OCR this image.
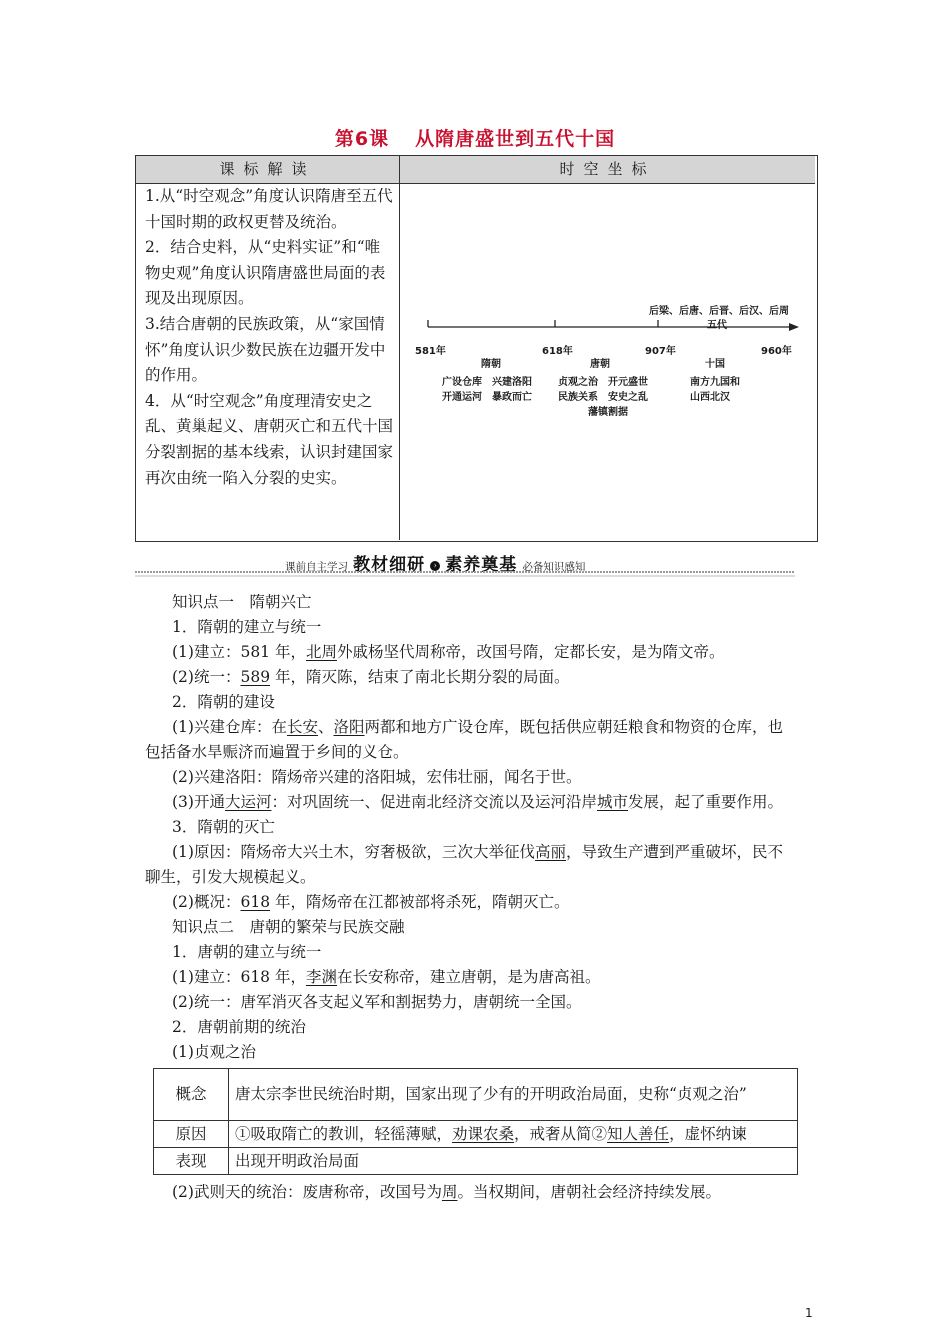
第6课 从隋唐盛世到五代十国
课标解读	时空坐标

1.从“时空观念”角度认识隋唐至五代十国时期的政权更替及统治。

2．结合史料，从“史料实证”和“唯物史观”角度认识隋唐盛世局面的表现及出现原因。

3.结合唐朝的民族政策，从“家国情怀”角度认识少数民族在边疆开发中的作用。

4．从“时空观念”角度理清安史之乱、黄巢起义、唐朝灭亡和五代十国分裂割据的基本线索，认识封建国家再次由统一陷入分裂的史实。

后梁、后唐、后晋、后汉、后周
五代
581年	618年	907年	960年
隋朝
广设仓库　兴建洛阳
开通运河　暴政而亡
唐朝
贞观之治　开元盛世
民族关系　安史之乱
藩镇割据
十国
南方九国和
山西北汉
课前自主学习 教材细研 › 素养奠基 必备知识感知

知识点一　隋朝兴亡

1．隋朝的建立与统一

(1)建立：581 年，北周外戚杨坚代周称帝，改国号隋，定都长安，是为隋文帝。

(2)统一：589 年，隋灭陈，结束了南北长期分裂的局面。

2．隋朝的建设

(1)兴建仓库：在长安、洛阳两都和地方广设仓库，既包括供应朝廷粮食和物资的仓库，也

包括备水旱赈济而遍置于乡间的义仓。

(2)兴建洛阳：隋炀帝兴建的洛阳城，宏伟壮丽，闻名于世。

(3)开通大运河：对巩固统一、促进南北经济交流以及运河沿岸城市发展，起了重要作用。

3．隋朝的灭亡

(1)原因：隋炀帝大兴土木，穷奢极欲，三次大举征伐高丽，导致生产遭到严重破坏，民不

聊生，引发大规模起义。

(2)概况：618 年，隋炀帝在江都被部将杀死，隋朝灭亡。

知识点二　唐朝的繁荣与民族交融

1．唐朝的建立与统一

(1)建立：618 年，李渊在长安称帝，建立唐朝，是为唐高祖。

(2)统一：唐军消灭各支起义军和割据势力，唐朝统一全国。

2．唐朝前期的统治

(1)贞观之治

概念	唐太宗李世民统治时期，国家出现了少有的开明政治局面，史称“贞观之治”
原因	①吸取隋亡的教训，轻徭薄赋，劝课农桑，戒奢从简②知人善任，虚怀纳谏
表现	出现开明政治局面
(2)武则天的统治：废唐称帝，改国号为周。当权期间，唐朝社会经济持续发展。
1
